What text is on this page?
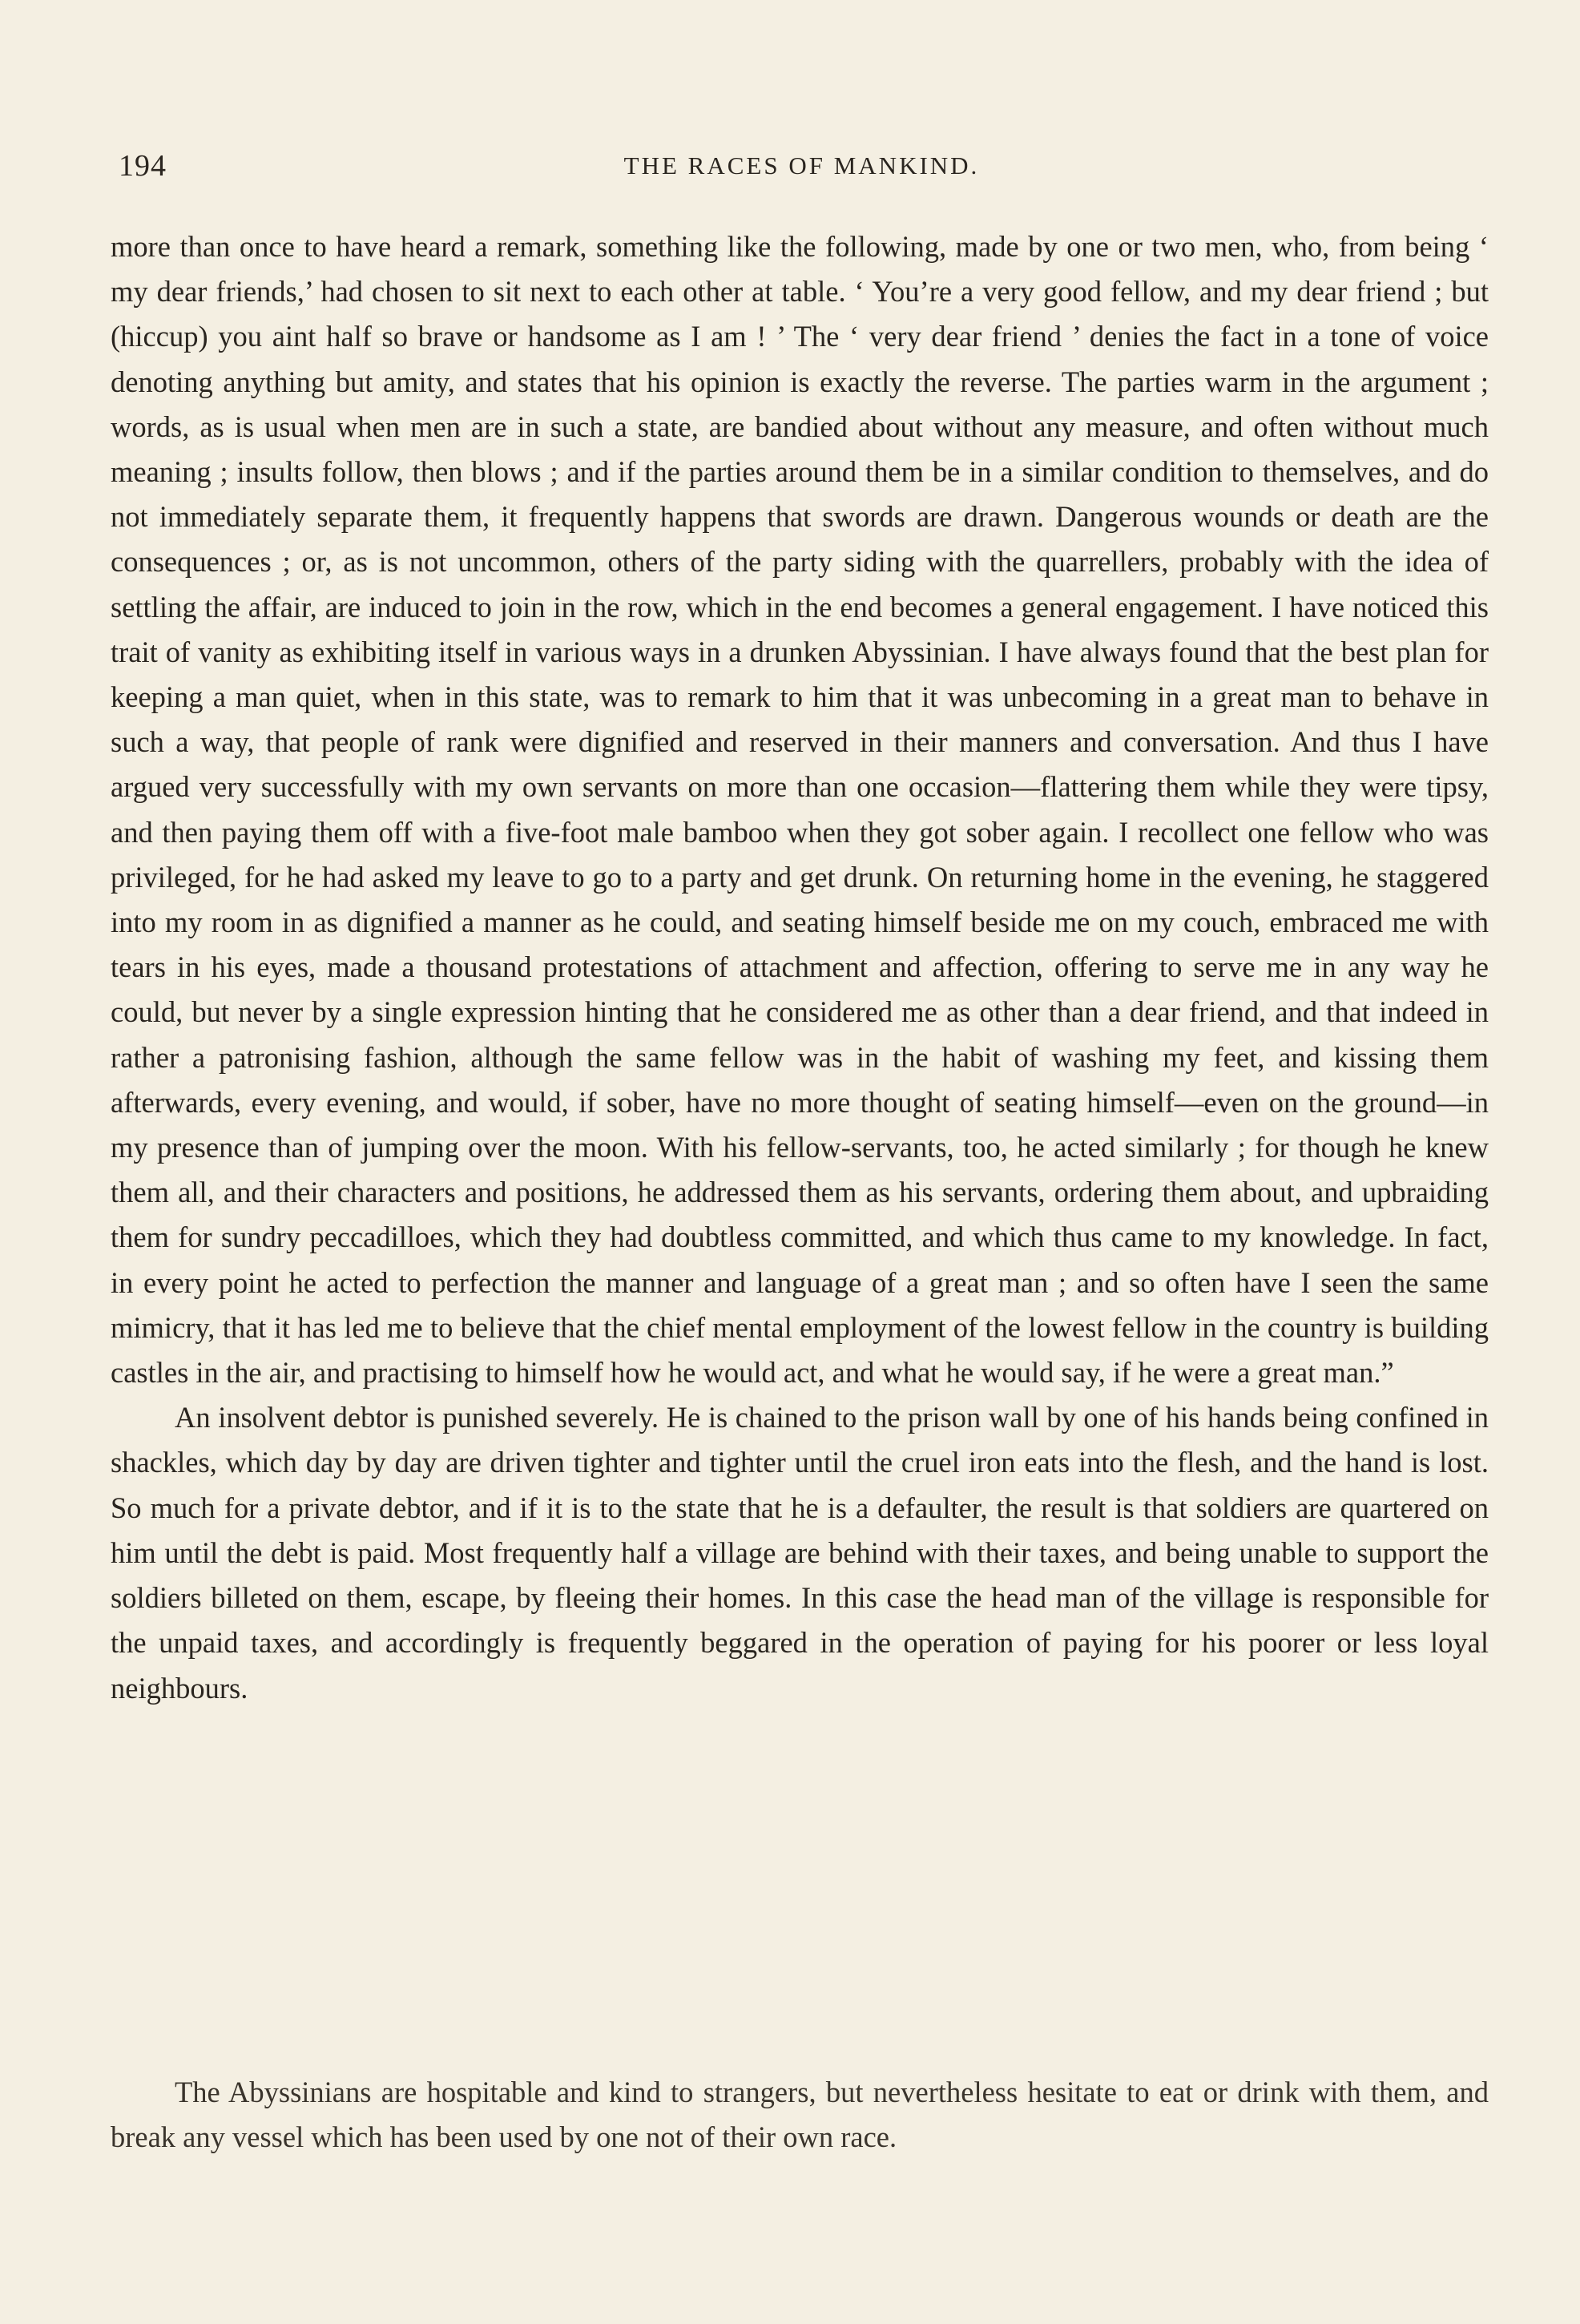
194	THE RACES OF MANKIND.

more than once to have heard a remark, something like the following, made by one or two men, who, from being ‘ my dear friends,’ had chosen to sit next to each other at table. ‘ You’re a very good fellow, and my dear friend ; but (hiccup) you aint half so brave or handsome as I am ! ’ The ‘ very dear friend ’ denies the fact in a tone of voice denoting anything but amity, and states that his opinion is exactly the reverse. The parties warm in the argument ; words, as is usual when men are in such a state, are bandied about without any measure, and often without much meaning ; insults follow, then blows ; and if the parties around them be in a similar condition to themselves, and do not immediately separate them, it frequently happens that swords are drawn. Dangerous wounds or death are the consequences ; or, as is not uncommon, others of the party siding with the quarrellers, probably with the idea of settling the affair, are induced to join in the row, which in the end becomes a general engagement. I have noticed this trait of vanity as exhibiting itself in various ways in a drunken Abyssinian. I have always found that the best plan for keeping a man quiet, when in this state, was to remark to him that it was unbecoming in a great man to behave in such a way, that people of rank were dignified and reserved in their manners and conversation. And thus I have argued very successfully with my own servants on more than one occasion—flattering them while they were tipsy, and then paying them off with a five-foot male bamboo when they got sober again. I recollect one fellow who was privileged, for he had asked my leave to go to a party and get drunk. On returning home in the evening, he staggered into my room in as dignified a manner as he could, and seating himself beside me on my couch, embraced me with tears in his eyes, made a thousand protestations of attachment and affection, offering to serve me in any way he could, but never by a single expression hinting that he considered me as other than a dear friend, and that indeed in rather a patronising fashion, although the same fellow was in the habit of washing my feet, and kissing them afterwards, every evening, and would, if sober, have no more thought of seating himself—even on the ground—in my presence than of jumping over the moon. With his fellow-servants, too, he acted similarly ; for though he knew them all, and their characters and positions, he addressed them as his servants, ordering them about, and upbraiding them for sundry peccadilloes, which they had doubtless committed, and which thus came to my knowledge. In fact, in every point he acted to perfection the manner and language of a great man ; and so often have I seen the same mimicry, that it has led me to believe that the chief mental employment of the lowest fellow in the country is building castles in the air, and practising to himself how he would act, and what he would say, if he were a great man.”

An insolvent debtor is punished severely. He is chained to the prison wall by one of his hands being confined in shackles, which day by day are driven tighter and tighter until the cruel iron eats into the flesh, and the hand is lost. So much for a private debtor, and if it is to the state that he is a defaulter, the result is that soldiers are quartered on him until the debt is paid. Most frequently half a village are behind with their taxes, and being unable to support the soldiers billeted on them, escape, by fleeing their homes. In this case the head man of the village is responsible for the unpaid taxes, and accordingly is frequently beggared in the operation of paying for his poorer or less loyal neighbours.

The Abyssinians are hospitable and kind to strangers, but nevertheless hesitate to eat or drink with them, and break any vessel which has been used by one not of their own race.
